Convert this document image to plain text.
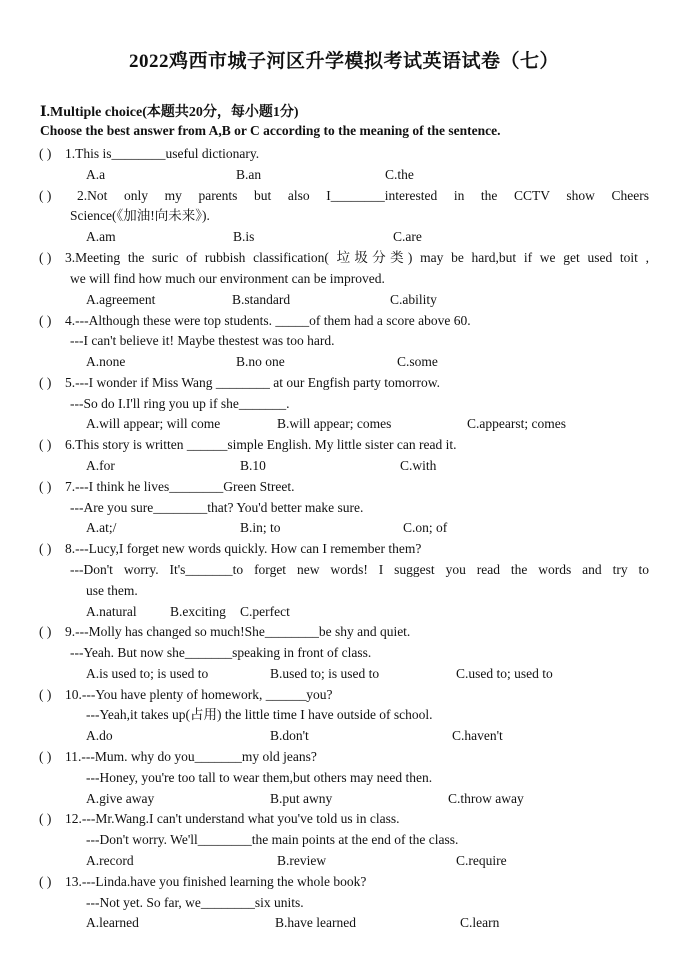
2022鸡西市城子河区升学模拟考试英语试卷（七）
Ⅰ.Multiple choice(本题共20分，每小题1分)
Choose the best answer from A,B or C according to the meaning of the sentence.
( ) 1.This is________useful dictionary.
A.a	B.an	C.the
( ) 2.Not only my parents but also I________interested in the CCTV show Cheers
Science(《加油!向未来》).
A.am	B.is	C.are
( ) 3.Meeting the suric of rubbish classification( 垃圾分类) may be hard,but if we get used toit ,
we will find how much our environment can be improved.
A.agreement	B.standard	C.ability
( ) 4.---Although these were top students. _____of them had a score above 60.
---I can't believe it! Maybe thestest was too hard.
A.none	B.no one	C.some
( ) 5.---I wonder if Miss Wang ________ at our Engfish party tomorrow.
---So do I.I'll ring you up if she_______.
A.will appear; will come	B.will appear; comes	C.appearst; comes
( ) 6.This story is written ______simple English. My little sister can read it.
A.for	B.10	C.with
( ) 7.---I think he lives________Green Street.
---Are you sure________that? You'd better make sure.
A.at;/	B.in; to	C.on; of
( ) 8.---Lucy,I forget new words quickly. How can I remember them?
---Don't worry. It's_______to forget new words! I suggest you read the words and try to
use them.
A.natural B.exciting C.perfect
( ) 9.---Molly has changed so much!She________be shy and quiet.
---Yeah. But now she_______speaking in front of class.
A.is used to; is used to	B.used to; is used to	C.used to; used to
( ) 10.---You have plenty of homework, ______you?
---Yeah,it takes up(占用) the little time I have outside of school.
A.do	B.don't	C.haven't
( ) 11.---Mum. why do you_______my old jeans?
---Honey, you're too tall to wear them,but others may need then.
A.give away	B.put awny	C.throw away
( ) 12.---Mr.Wang.I can't understand what you've told us in class.
---Don't worry. We'll________the main points at the end of the class.
A.record	B.review	C.require
( ) 13.---Linda.have you finished learning the whole book?
---Not yet. So far, we________six units.
A.learned	B.have learned	C.learn
